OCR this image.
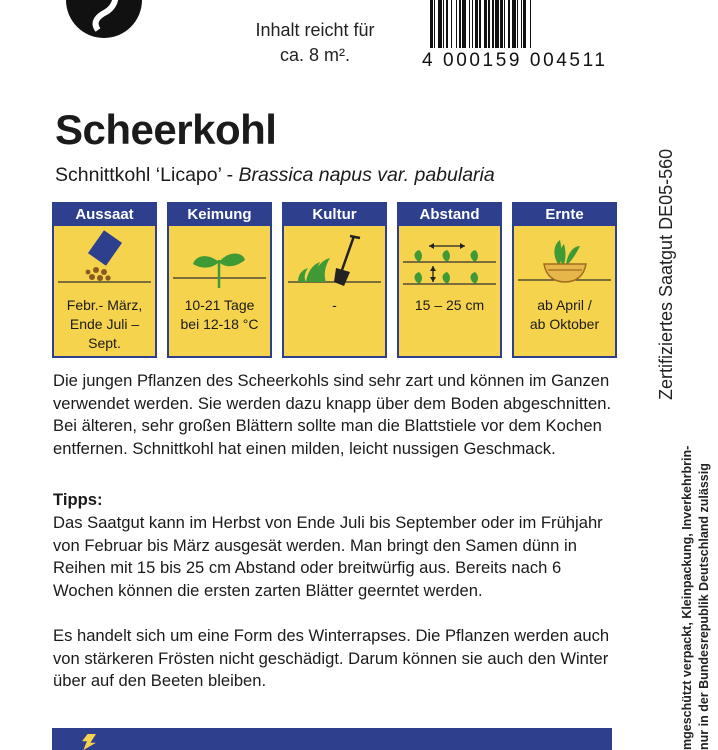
Inhalt reicht für
ca. 8 m².	4 000159 004511
Scheerkohl
Schnittkohl ‘Licapo’ - Brassica napus var. pabularia
Aussaat
Febr.- März,
Ende Juli –
Sept.
Keimung
10-21 Tage
bei 12-18 °C
Kultur
-
Abstand
15 – 25 cm
Ernte
ab April /
ab Oktober	Zertifiziertes Saatgut DE05-560
mgeschützt verpackt, Kleinpackung, Inverkehrbrin- nur in der Bundesrepublik Deutschland zulässig

Die jungen Pflanzen des Scheerkohls sind sehr zart und können im Ganzen verwendet werden. Sie werden dazu knapp über dem Boden abgeschnitten. Bei älteren, sehr großen Blättern sollte man die Blattstiele vor dem Kochen entfernen. Schnittkohl hat einen milden, leicht nussigen Geschmack.

Tipps:

Das Saatgut kann im Herbst von Ende Juli bis September oder im Frühjahr von Februar bis März ausgesät werden. Man bringt den Samen dünn in Reihen mit 15 bis 25 cm Abstand oder breitwürfig aus. Bereits nach 6 Wochen können die ersten zarten Blätter geerntet werden.

Es handelt sich um eine Form des Winterrapses. Die Pflanzen werden auch von stärkeren Frösten nicht geschädigt. Darum können sie auch den Winter über auf den Beeten bleiben.
